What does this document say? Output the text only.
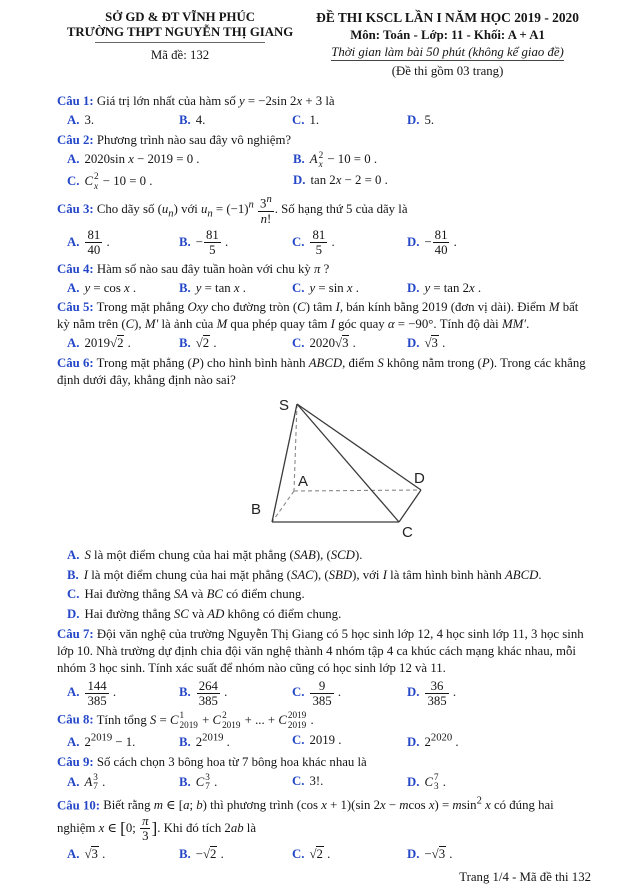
SỞ GD & ĐT VĨNH PHÚC
TRƯỜNG THPT NGUYỄN THỊ GIANG
Mã đề: 132
ĐỀ THI KSCL LẦN I NĂM HỌC 2019 - 2020
Môn: Toán - Lớp: 11 - Khối: A + A1
Thời gian làm bài 50 phút (không kể giao đề)
(Đề thi gồm 03 trang)

Câu 1: Giá trị lớn nhất của hàm số y = −2sin 2x + 3 là

A. 3.	B. 4.	C. 1.	D. 5.

Câu 2: Phương trình nào sau đây vô nghiệm?

A. 2020sin x − 2019 = 0 .	B. A 2
x − 10 = 0 .
C. C 2
x − 10 = 0 .	D. tan 2x − 2 = 0 .

Câu 3: Cho dãy số $(u_n)$ với $u_n = (-1)^n \frac{3^n}{n!}$ . Số hạng thứ 5 của dãy là

A. $\frac{81}{40}$ .	B. − $\frac{81}{5}$ .	C. $\frac{81}{5}$ .	D. − $\frac{81}{40}$ .

Câu 4: Hàm số nào sau đây tuần hoàn với chu kỳ π ?

A. y = cos x .	B. y = tan x .	C. y = sin x .	D. y = tan 2x .

Câu 5: Trong mặt phẳng Oxy cho đường tròn (C) tâm I, bán kính bằng 2019 (đơn vị dài). Điểm M bất kỳ nằm trên (C), M′ là ảnh của M qua phép quay tâm I góc quay α = −90°. Tính độ dài MM′.

A. 2019√2 .	B. √2 .	C. 2020√3 .	D. √3 .

Câu 6: Trong mặt phẳng (P) cho hình bình hành ABCD, điểm S không nằm trong (P). Trong các khẳng định dưới đây, khẳng định nào sai?

S
A
B
C
D
A. S là một điểm chung của hai mặt phẳng (SAB), (SCD).
B. I là một điểm chung của hai mặt phẳng (SAC), (SBD), với I là tâm hình bình hành ABCD.
C. Hai đường thẳng SA và BC có điểm chung.
D. Hai đường thẳng SC và AD không có điểm chung.

Câu 7: Đội văn nghệ của trường Nguyễn Thị Giang có 5 học sinh lớp 12, 4 học sinh lớp 11, 3 học sinh lớp 10. Nhà trường dự định chia đội văn nghệ thành 4 nhóm tập 4 ca khúc cách mạng khác nhau, mỗi nhóm 3 học sinh. Tính xác suất để nhóm nào cũng có học sinh lớp 12 và 11.

A. $\frac{144}{385}$ .	B. $\frac{264}{385}$ .	C. $\frac{9}{385}$ .	D. $\frac{36}{385}$ .

Câu 8: Tính tổng S = C 1
2019 + C 2
2019 + ... + C 2019
2019 .

A. $2^{2019} - 1$.	B. $2^{2019}$ .	C. 2019 .	D. $2^{2020}$ .

Câu 9: Số cách chọn 3 bông hoa từ 7 bông hoa khác nhau là

A. A 3
7 .	B. C 3
7 .	C. 3!.	D. C 7
3 .

Câu 10: Biết rằng m ∈ [a; b) thì phương trình (cos x + 1)(sin 2x − mcos x) = msin$^2$ x có đúng hai nghiệm x ∈ [0; $\frac{\pi}{3}$ ]. Khi đó tích 2ab là

A. √3 .	B. −√2 .	C. √2 .	D. −√3 .
Trang 1/4 - Mã đề thi 132
